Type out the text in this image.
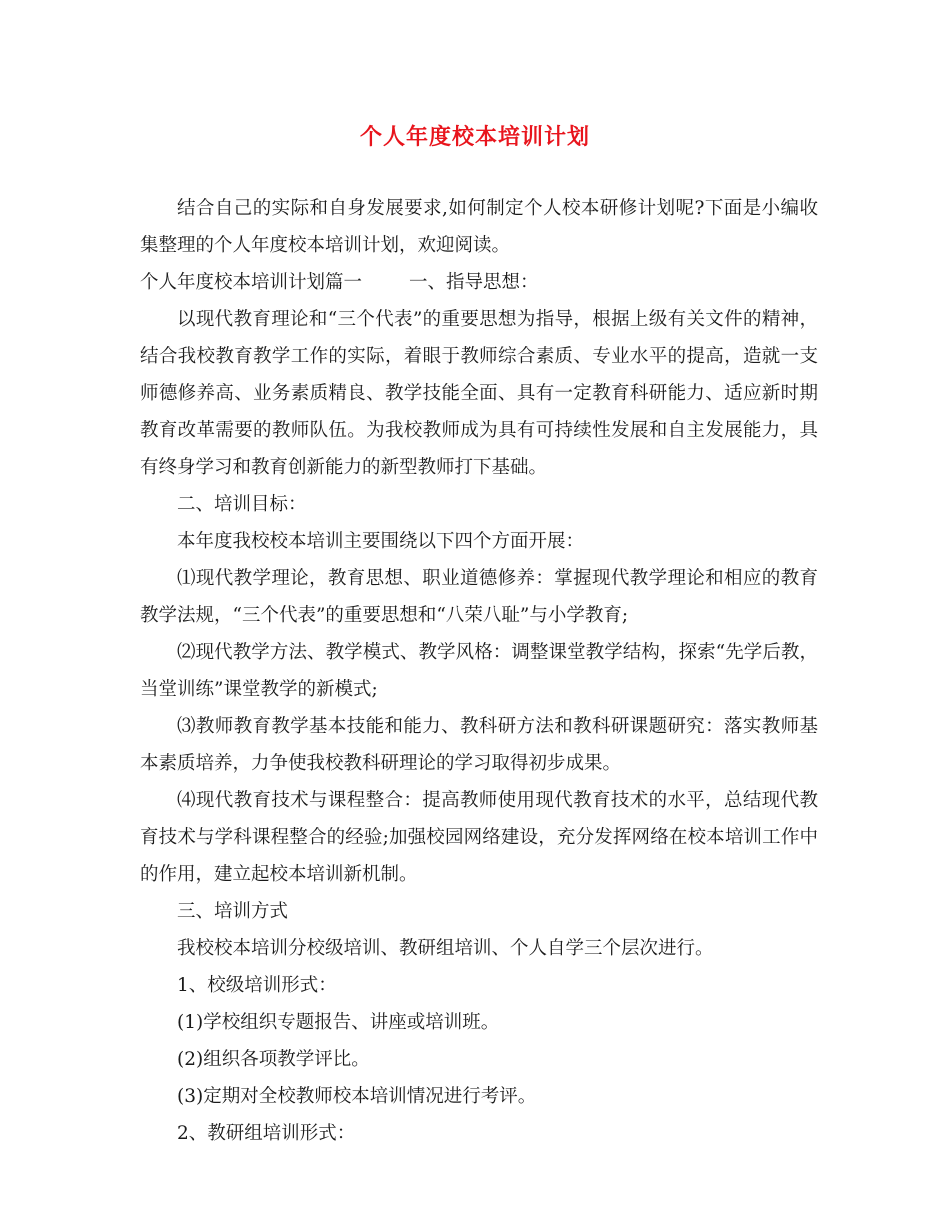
个人年度校本培训计划

结合自己的实际和自身发展要求,如何制定个人校本研修计划呢?下面是小编收集整理的个人年度校本培训计划，欢迎阅读。

个人年度校本培训计划篇一        一、指导思想：

以现代教育理论和“三个代表”的重要思想为指导，根据上级有关文件的精神，结合我校教育教学工作的实际，着眼于教师综合素质、专业水平的提高，造就一支师德修养高、业务素质精良、教学技能全面、具有一定教育科研能力、适应新时期教育改革需要的教师队伍。为我校教师成为具有可持续性发展和自主发展能力，具有终身学习和教育创新能力的新型教师打下基础。

二、培训目标：

本年度我校校本培训主要围绕以下四个方面开展：

⑴现代教学理论，教育思想、职业道德修养：掌握现代教学理论和相应的教育教学法规，“三个代表”的重要思想和“八荣八耻”与小学教育;

⑵现代教学方法、教学模式、教学风格：调整课堂教学结构，探索“先学后教，当堂训练”课堂教学的新模式;

⑶教师教育教学基本技能和能力、教科研方法和教科研课题研究：落实教师基本素质培养，力争使我校教科研理论的学习取得初步成果。

⑷现代教育技术与课程整合：提高教师使用现代教育技术的水平，总结现代教育技术与学科课程整合的经验;加强校园网络建设，充分发挥网络在校本培训工作中的作用，建立起校本培训新机制。

三、培训方式

我校校本培训分校级培训、教研组培训、个人自学三个层次进行。

1、校级培训形式：

(1)学校组织专题报告、讲座或培训班。

(2)组织各项教学评比。

(3)定期对全校教师校本培训情况进行考评。

2、教研组培训形式：
